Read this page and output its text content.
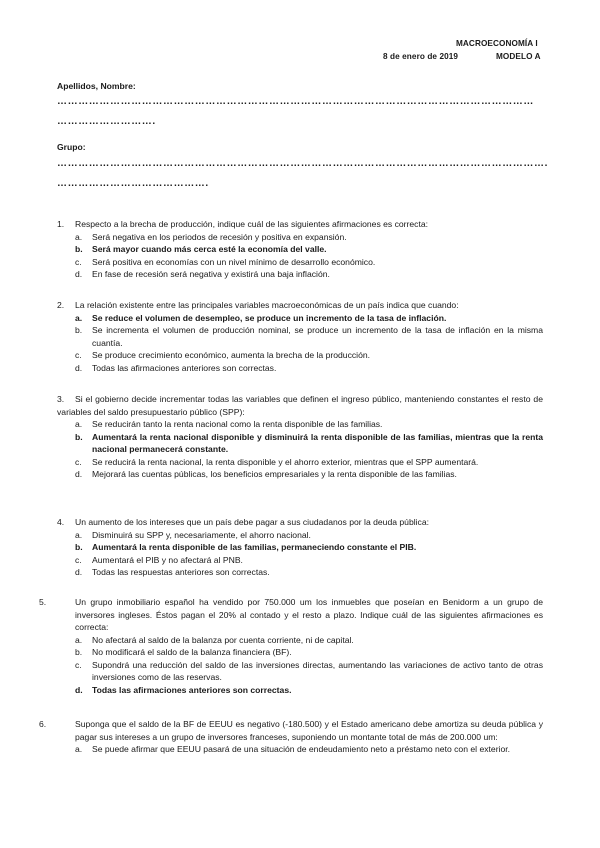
MACROECONOMÍA I
8 de enero de 2019	MODELO A
Apellidos, Nombre:
………………………………………………………………………………………………………………………
……………………….
Grupo:
………………………………………………………………………………………………………………………….
…………………………………….
1. Respecto a la brecha de producción, indique cuál de las siguientes afirmaciones es correcta:
a. Será negativa en los periodos de recesión y positiva en expansión.
b. Será mayor cuando más cerca esté la economía del valle.
c. Será positiva en economías con un nivel mínimo de desarrollo económico.
d. En fase de recesión será negativa y existirá una baja inflación.
2. La relación existente entre las principales variables macroeconómicas de un país indica que cuando:
a. Se reduce el volumen de desempleo, se produce un incremento de la tasa de inflación.
b. Se incrementa el volumen de producción nominal, se produce un incremento de la tasa de inflación en la misma cuantía.
c. Se produce crecimiento económico, aumenta la brecha de la producción.
d. Todas las afirmaciones anteriores son correctas.
3. Si el gobierno decide incrementar todas las variables que definen el ingreso público, manteniendo constantes el resto de variables del saldo presupuestario público (SPP):
a. Se reducirán tanto la renta nacional como la renta disponible de las familias.
b. Aumentará la renta nacional disponible y disminuirá la renta disponible de las familias, mientras que la renta nacional permanecerá constante.
c. Se reducirá la renta nacional, la renta disponible y el ahorro exterior, mientras que el SPP aumentará.
d. Mejorará las cuentas públicas, los beneficios empresariales y la renta disponible de las familias.
4. Un aumento de los intereses que un país debe pagar a sus ciudadanos por la deuda pública:
a. Disminuirá su SPP y, necesariamente, el ahorro nacional.
b. Aumentará la renta disponible de las familias, permaneciendo constante el PIB.
c. Aumentará el PIB y no afectará al PNB.
d. Todas las respuestas anteriores son correctas.
5.	Un grupo inmobiliario español ha vendido por 750.000 um los inmuebles que poseían en Benidorm a un grupo de inversores ingleses. Éstos pagan el 20% al contado y el resto a plazo. Indique cuál de las siguientes afirmaciones es correcta:
a. No afectará al saldo de la balanza por cuenta corriente, ni de capital.
b. No modificará el saldo de la balanza financiera (BF).
c. Supondrá una reducción del saldo de las inversiones directas, aumentando las variaciones de activo tanto de otras inversiones como de las reservas.
d. Todas las afirmaciones anteriores son correctas.
6.	Suponga que el saldo de la BF de EEUU es negativo (-180.500) y el Estado americano debe amortiza su deuda pública y pagar sus intereses a un grupo de inversores franceses, suponiendo un montante total de más de 200.000 um:
a. Se puede afirmar que EEUU pasará de una situación de endeudamiento neto a préstamo neto con el exterior.
